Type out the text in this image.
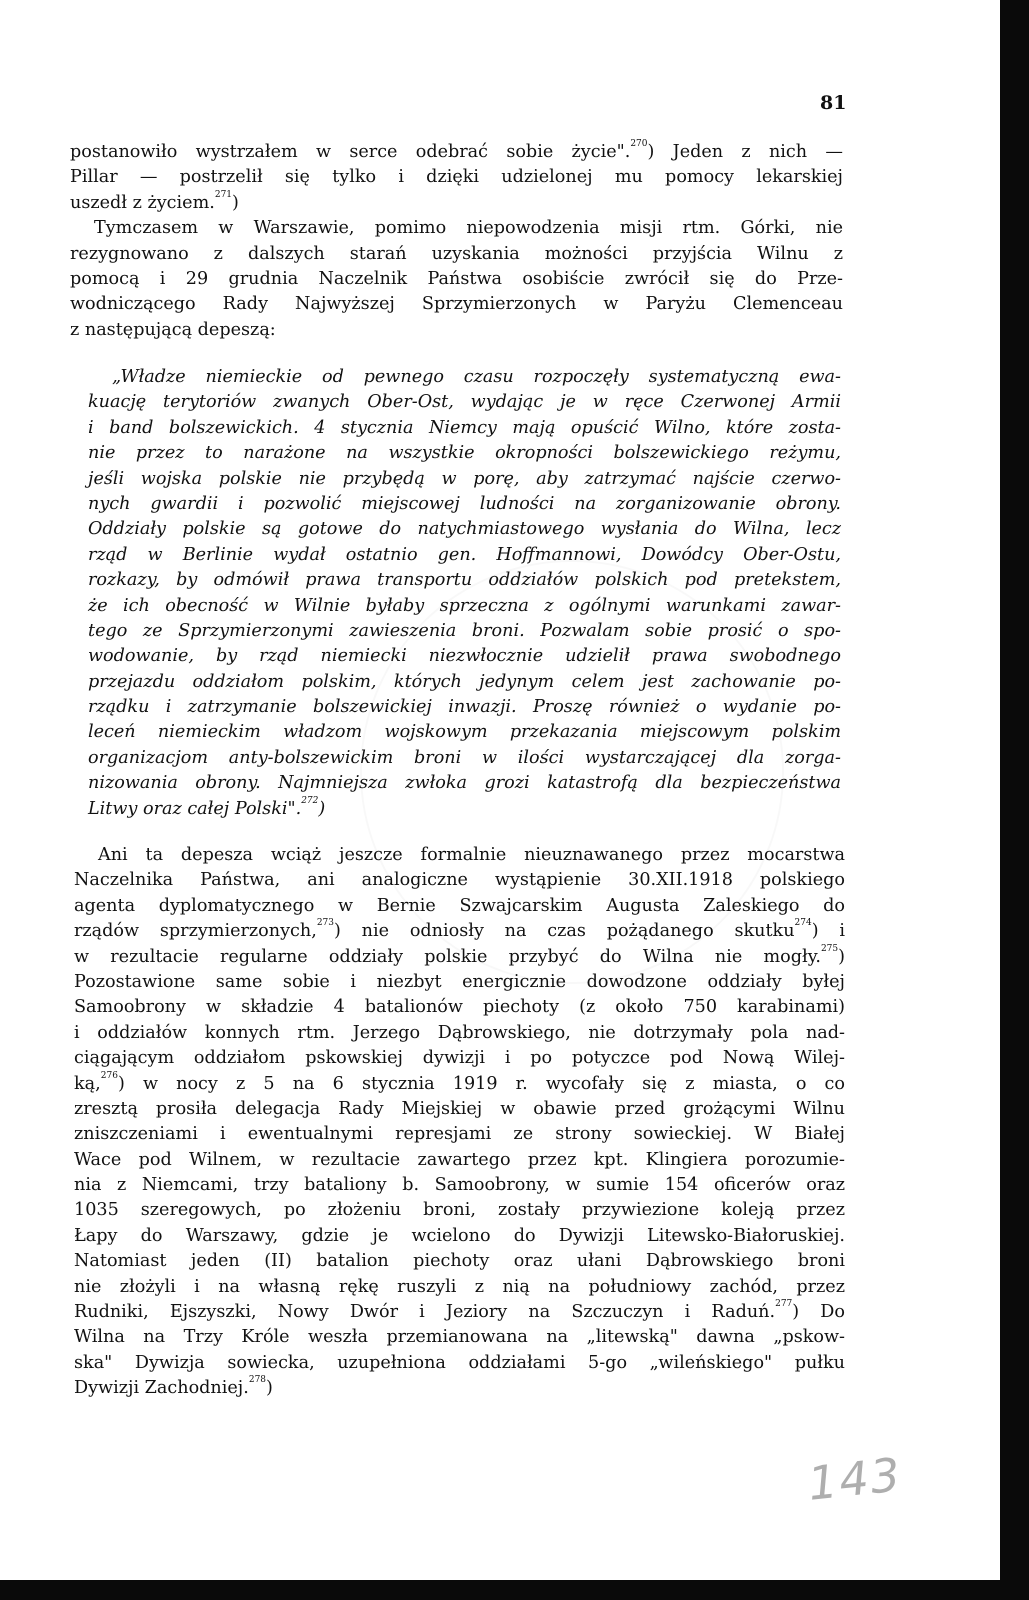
81
postanowiło wystrzałem w serce odebrać sobie życie".$^{270}$) Jeden z nich —
Pillar — postrzelił się tylko i dzięki udzielonej mu pomocy lekarskiej
uszedł z życiem.$^{271}$)
Tymczasem w Warszawie, pomimo niepowodzenia misji rtm. Górki, nie
rezygnowano z dalszych starań uzyskania możności przyjścia Wilnu z
pomocą i 29 grudnia Naczelnik Państwa osobiście zwrócił się do Prze-
wodniczącego Rady Najwyższej Sprzymierzonych w Paryżu Clemenceau
z następującą depeszą:
„Władze niemieckie od pewnego czasu rozpoczęły systematyczną ewa-
kuację terytoriów zwanych Ober-Ost, wydając je w ręce Czerwonej Armii
i band bolszewickich. 4 stycznia Niemcy mają opuścić Wilno, które zosta-
nie przez to narażone na wszystkie okropności bolszewickiego reżymu,
jeśli wojska polskie nie przybędą w porę, aby zatrzymać najście czerwo-
nych gwardii i pozwolić miejscowej ludności na zorganizowanie obrony.
Oddziały polskie są gotowe do natychmiastowego wysłania do Wilna, lecz
rząd w Berlinie wydał ostatnio gen. Hoffmannowi, Dowódcy Ober-Ostu,
rozkazy, by odmówił prawa transportu oddziałów polskich pod pretekstem,
że ich obecność w Wilnie byłaby sprzeczna z ogólnymi warunkami zawar-
tego ze Sprzymierzonymi zawieszenia broni. Pozwalam sobie prosić o spo-
wodowanie, by rząd niemiecki niezwłocznie udzielił prawa swobodnego
przejazdu oddziałom polskim, których jedynym celem jest zachowanie po-
rządku i zatrzymanie bolszewickiej inwazji. Proszę również o wydanie po-
leceń niemieckim władzom wojskowym przekazania miejscowym polskim
organizacjom anty-bolszewickim broni w ilości wystarczającej dla zorga-
nizowania obrony. Najmniejsza zwłoka grozi katastrofą dla bezpieczeństwa
Litwy oraz całej Polski".$^{272}$)
Ani ta depesza wciąż jeszcze formalnie nieuznawanego przez mocarstwa
Naczelnika Państwa, ani analogiczne wystąpienie 30.XII.1918 polskiego
agenta dyplomatycznego w Bernie Szwajcarskim Augusta Zaleskiego do
rządów sprzymierzonych,$^{273}$) nie odniosły na czas pożądanego skutku$^{274}$) i
w rezultacie regularne oddziały polskie przybyć do Wilna nie mogły.$^{275}$)
Pozostawione same sobie i niezbyt energicznie dowodzone oddziały byłej
Samoobrony w składzie 4 batalionów piechoty (z około 750 karabinami)
i oddziałów konnych rtm. Jerzego Dąbrowskiego, nie dotrzymały pola nad-
ciągającym oddziałom pskowskiej dywizji i po potyczce pod Nową Wilej-
ką,$^{276}$) w nocy z 5 na 6 stycznia 1919 r. wycofały się z miasta, o co
zresztą prosiła delegacja Rady Miejskiej w obawie przed grożącymi Wilnu
zniszczeniami i ewentualnymi represjami ze strony sowieckiej. W Białej
Wace pod Wilnem, w rezultacie zawartego przez kpt. Klingiera porozumie-
nia z Niemcami, trzy bataliony b. Samoobrony, w sumie 154 oficerów oraz
1035 szeregowych, po złożeniu broni, zostały przywiezione koleją przez
Łapy do Warszawy, gdzie je wcielono do Dywizji Litewsko-Białoruskiej.
Natomiast jeden (II) batalion piechoty oraz ułani Dąbrowskiego broni
nie złożyli i na własną rękę ruszyli z nią na południowy zachód, przez
Rudniki, Ejszyszki, Nowy Dwór i Jeziory na Szczuczyn i Raduń.$^{277}$) Do
Wilna na Trzy Króle weszła przemianowana na „litewską" dawna „pskow-
ska" Dywizja sowiecka, uzupełniona oddziałami 5-go „wileńskiego" pułku
Dywizji Zachodniej.$^{278}$)
143
